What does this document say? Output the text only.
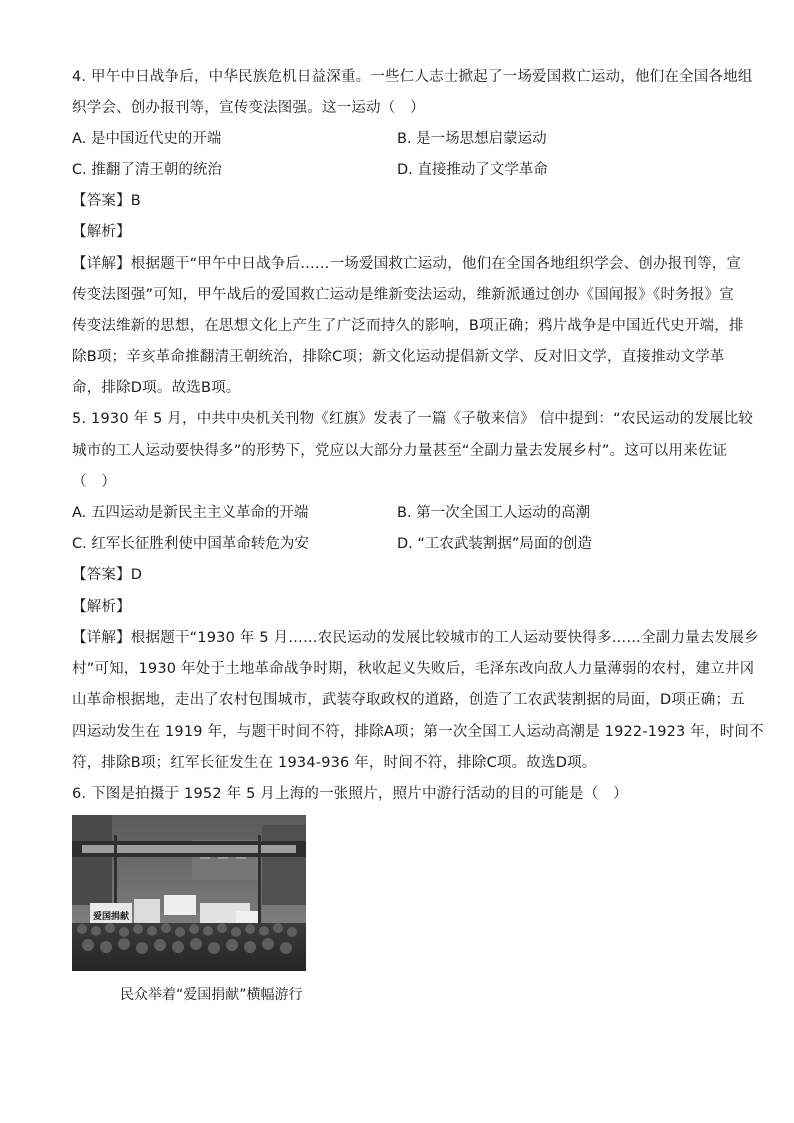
4. 甲午中日战争后，中华民族危机日益深重。一些仁人志士掀起了一场爱国救亡运动，他们在全国各地组
织学会、创办报刊等，宣传变法图强。这一运动（　）
A. 是中国近代史的开端	B. 是一场思想启蒙运动
C. 推翻了清王朝的统治	D. 直接推动了文学革命
【答案】B
【解析】
【详解】根据题干“甲午中日战争后……一场爱国救亡运动，他们在全国各地组织学会、创办报刊等，宣
传变法图强”可知，甲午战后的爱国救亡运动是维新变法运动，维新派通过创办《国闻报》《时务报》宣
传变法维新的思想，在思想文化上产生了广泛而持久的影响，B项正确；鸦片战争是中国近代史开端，排
除B项；辛亥革命推翻清王朝统治，排除C项；新文化运动提倡新文学、反对旧文学，直接推动文学革
命，排除D项。故选B项。
5. 1930 年 5 月，中共中央机关刊物《红旗》发表了一篇《子敬来信》 信中提到：“农民运动的发展比较
城市的工人运动要快得多”的形势下，党应以大部分力量甚至“全副力量去发展乡村”。这可以用来佐证
（　）
A. 五四运动是新民主主义革命的开端	B. 第一次全国工人运动的高潮
C. 红军长征胜利使中国革命转危为安	D. “工农武装割据”局面的创造
【答案】D
【解析】
【详解】根据题干“1930 年 5 月……农民运动的发展比较城市的工人运动要快得多……全副力量去发展乡
村”可知，1930 年处于土地革命战争时期，秋收起义失败后，毛泽东改向敌人力量薄弱的农村，建立井冈
山革命根据地，走出了农村包围城市，武装夺取政权的道路，创造了工农武装割据的局面，D项正确；五
四运动发生在 1919 年，与题干时间不符，排除A项；第一次全国工人运动高潮是 1922-1923 年，时间不
符，排除B项；红军长征发生在 1934-936 年，时间不符，排除C项。故选D项。
6. 下图是拍摄于 1952 年 5 月上海的一张照片，照片中游行活动的目的可能是（　）
爱国捐献
民众举着“爱国捐献”横幅游行
